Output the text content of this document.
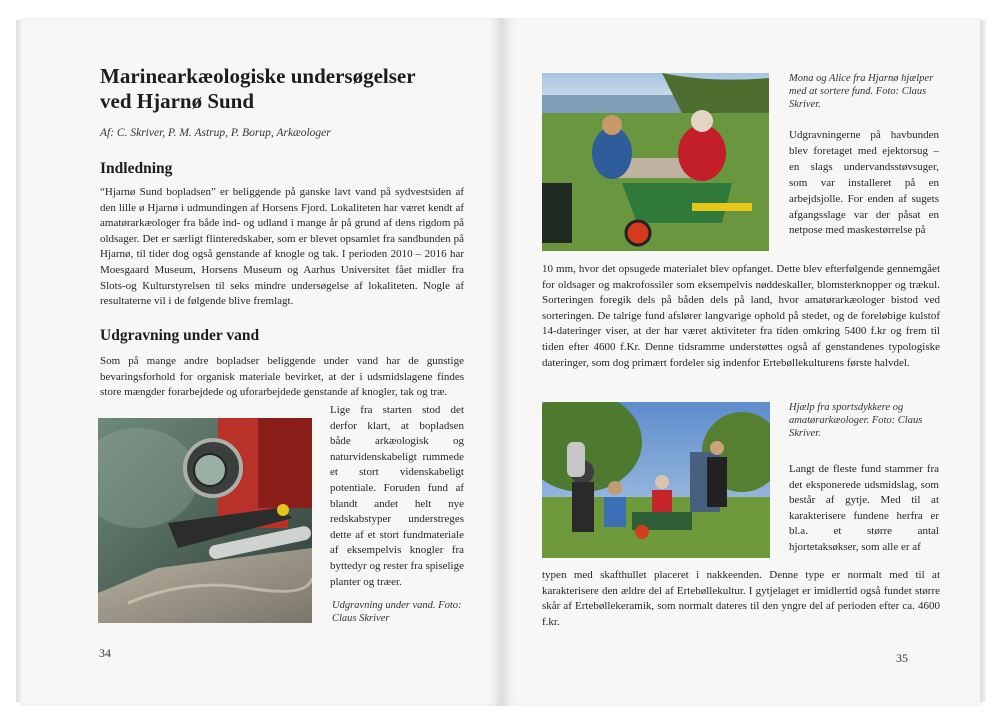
Marinearkæologiske undersøgelser
ved Hjarnø Sund
Af: C. Skriver, P. M. Astrup, P. Borup, Arkæologer
Indledning

“Hjarnø Sund bopladsen” er beliggende på ganske lavt vand på sydvestsiden af den lille ø Hjarnø i udmundingen af Horsens Fjord. Lokaliteten har været kendt af amatørarkæologer fra både ind- og udland i mange år på grund af dens rigdom på oldsager. Det er særligt flinteredskaber, som er blevet opsamlet fra sandbunden på Hjarnø, til tider dog også genstande af knogle og tak. I perioden 2010 – 2016 har Moesgaard Museum, Horsens Museum og Aarhus Universitet fået midler fra Slots-og Kulturstyrelsen til seks mindre undersøgelse af lokaliteten. Nogle af resultaterne vil i de følgende blive fremlagt.

Udgravning under vand

Som på mange andre bopladser beliggende under vand har de gunstige bevaringsforhold for organisk materiale bevirket, at der i udsmidslagene findes store mængder forarbejdede og uforarbejdede genstande af knogler, tak og træ.

Lige fra starten stod det derfor klart, at bopladsen både arkæologisk og naturvidenskabeligt rummede et stort videnskabeligt potentiale. Foruden fund af blandt andet helt nye redskabstyper understreges dette af et stort fundmateriale af eksempelvis knogler fra byttedyr og rester fra spiselige planter og træer.

Udgravning under vand. Foto: Claus Skriver
34
Mona og Alice fra Hjarnø hjælper med at sortere fund. Foto: Claus Skriver.

Udgravningerne på havbunden blev foretaget med ejektorsug – en slags undervandsstøvsuger, som var installeret på en arbejdsjolle. For enden af sugets afgangsslage var der påsat en netpose med maskestørrelse på

10 mm, hvor det opsugede materialet blev opfanget. Dette blev efterfølgende gennemgået for oldsager og makrofossiler som eksempelvis nøddeskaller, blomsterknopper og trækul. Sorteringen foregik dels på båden dels på land, hvor amatørarkæologer bistod ved sorteringen. De talrige fund afslører langvarige ophold på stedet, og de foreløbige kulstof 14-dateringer viser, at der har været aktiviteter fra tiden omkring 5400 f.kr og frem til tiden efter 4600 f.Kr. Denne tidsramme understøttes også af genstandenes typologiske dateringer, som dog primært fordeler sig indenfor Ertebøllekulturens første halvdel.

Hjælp fra sportsdykkere og amatørarkæologer. Foto: Claus Skriver.

Langt de fleste fund stammer fra det eksponerede udsmidslag, som består af gytje. Med til at karakterisere fundene herfra er bl.a. et større antal hjortetaksøkser, som alle er af

typen med skafthullet placeret i nakkeenden. Denne type er normalt med til at karakterisere den ældre del af Ertebøllekultur. I gytjelaget er imidlertid også fundet større skår af Ertebøllekeramik, som normalt dateres til den yngre del af perioden efter ca. 4600 f.kr.

35
